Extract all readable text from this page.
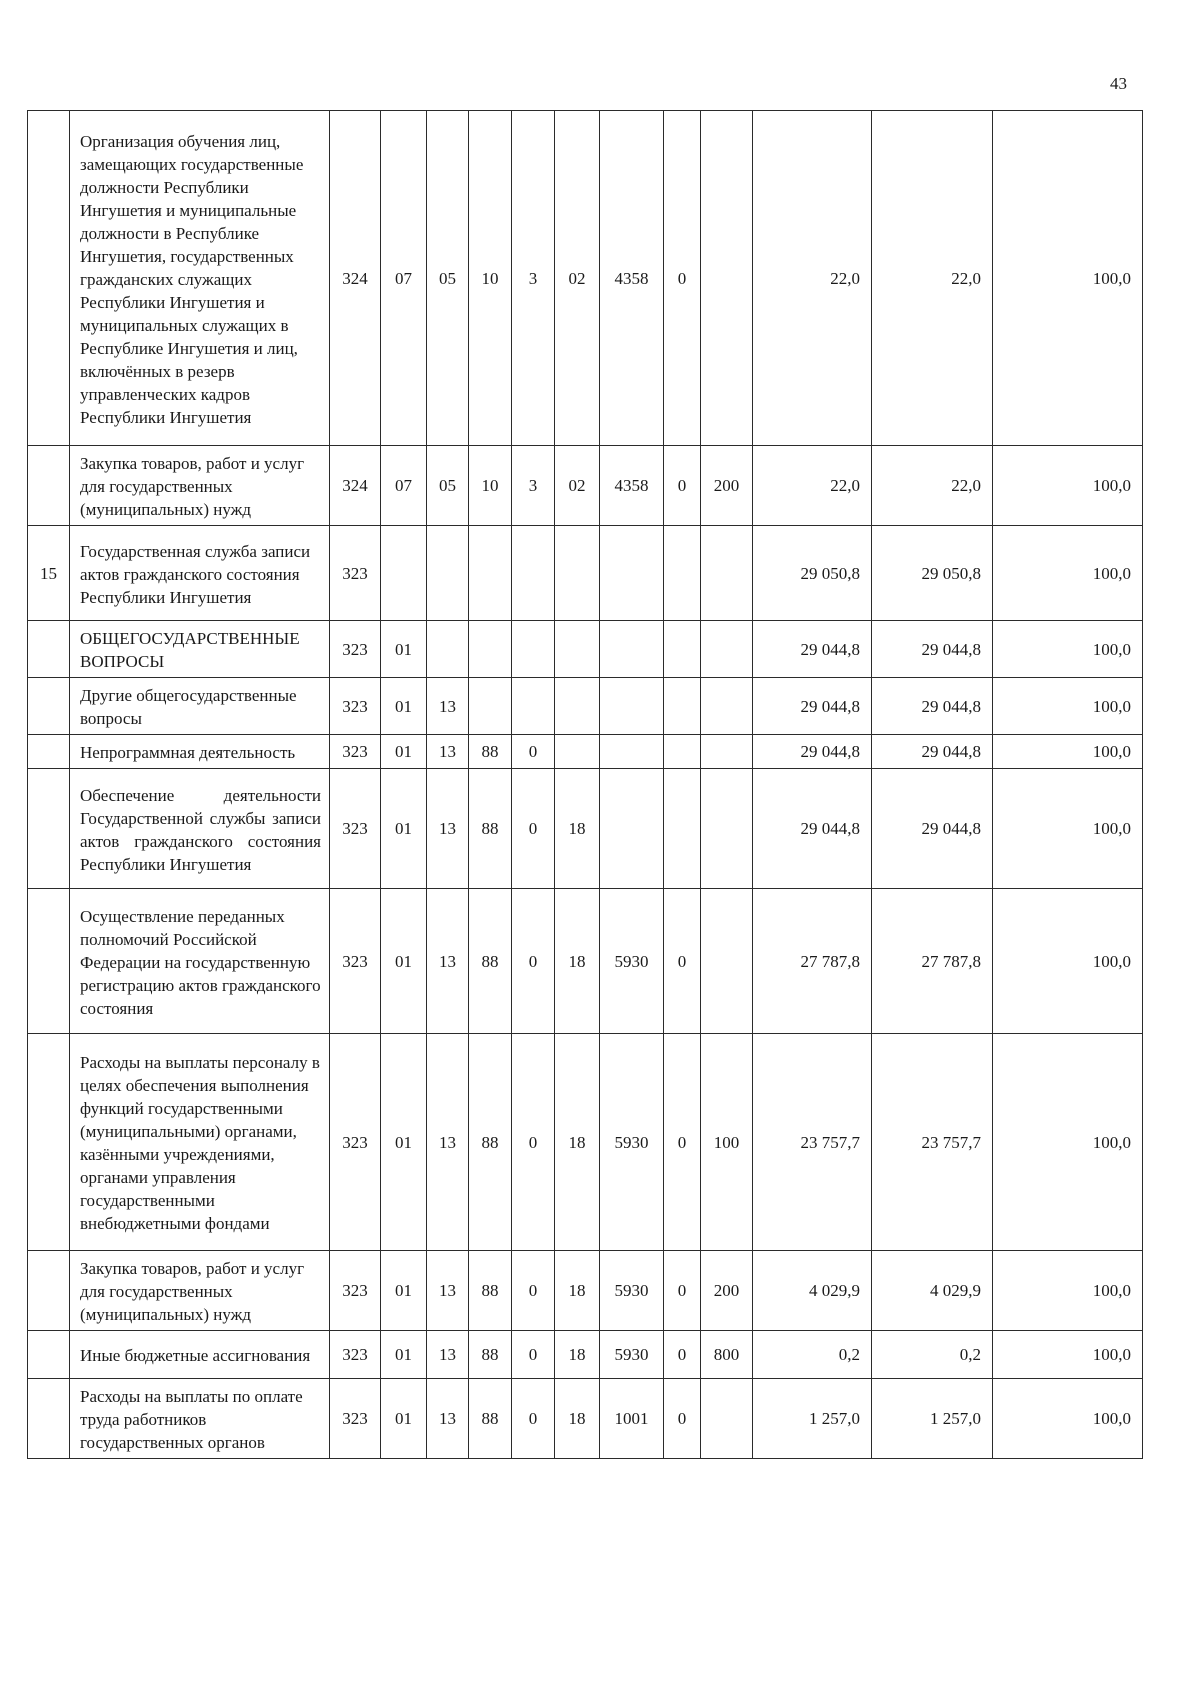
43
	Организация обучения лиц, замещающих государственные должности Республики Ингушетия и муниципальные должности в Республике Ингушетия, государственных гражданских служащих Республики Ингушетия и муниципальных служащих в Республике Ингушетия и лиц, включённых в резерв управленческих кадров Республики Ингушетия	324	07	05	10	3	02	4358	0		22,0	22,0	100,0
	Закупка товаров, работ и услуг для государственных (муниципальных) нужд	324	07	05	10	3	02	4358	0	200	22,0	22,0	100,0
15	Государственная служба записи актов гражданского состояния Республики Ингушетия	323									29 050,8	29 050,8	100,0
	ОБЩЕГОСУДАРСТВЕННЫЕ ВОПРОСЫ	323	01								29 044,8	29 044,8	100,0
	Другие общегосударственные вопросы	323	01	13							29 044,8	29 044,8	100,0
	Непрограммная деятельность	323	01	13	88	0					29 044,8	29 044,8	100,0
	Обеспечение деятельности Государственной службы записи актов гражданского состояния Республики Ингушетия	323	01	13	88	0	18				29 044,8	29 044,8	100,0
	Осуществление переданных полномочий Российской Федерации на государственную регистрацию актов гражданского состояния	323	01	13	88	0	18	5930	0		27 787,8	27 787,8	100,0
	Расходы на выплаты персоналу в целях обеспечения выполнения функций государственными (муниципальными) органами, казёнными учреждениями, органами управления государственными внебюджетными фондами	323	01	13	88	0	18	5930	0	100	23 757,7	23 757,7	100,0
	Закупка товаров, работ и услуг для государственных (муниципальных) нужд	323	01	13	88	0	18	5930	0	200	4 029,9	4 029,9	100,0
	Иные бюджетные ассигнования	323	01	13	88	0	18	5930	0	800	0,2	0,2	100,0
	Расходы на выплаты по оплате труда работников государственных органов	323	01	13	88	0	18	1001	0		1 257,0	1 257,0	100,0
